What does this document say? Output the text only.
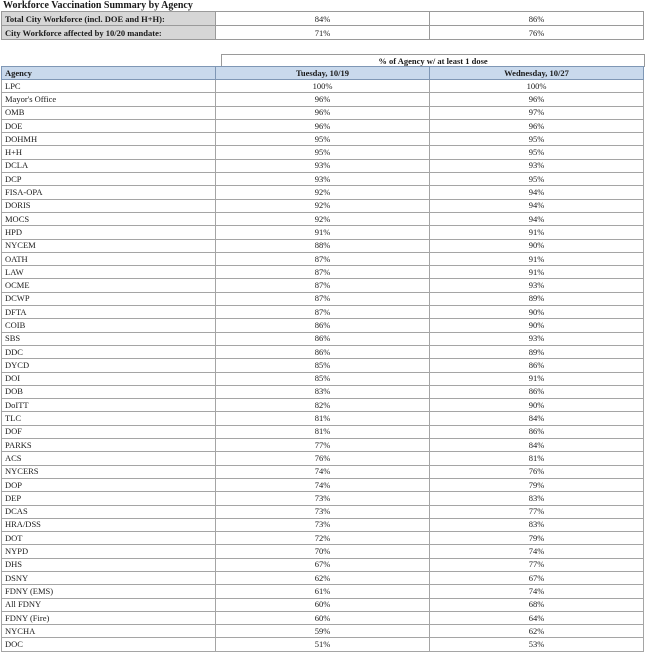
Workforce Vaccination Summary by Agency
Total City Workforce (incl. DOE and H+H):	84%	86%
City Workforce affected by 10/20 mandate:	71%	76%
% of Agency w/ at least 1 dose
Agency	Tuesday, 10/19	Wednesday, 10/27
LPC	100%	100%
Mayor's Office	96%	96%
OMB	96%	97%
DOE	96%	96%
DOHMH	95%	95%
H+H	95%	95%
DCLA	93%	93%
DCP	93%	95%
FISA-OPA	92%	94%
DORIS	92%	94%
MOCS	92%	94%
HPD	91%	91%
NYCEM	88%	90%
OATH	87%	91%
LAW	87%	91%
OCME	87%	93%
DCWP	87%	89%
DFTA	87%	90%
COIB	86%	90%
SBS	86%	93%
DDC	86%	89%
DYCD	85%	86%
DOI	85%	91%
DOB	83%	86%
DoITT	82%	90%
TLC	81%	84%
DOF	81%	86%
PARKS	77%	84%
ACS	76%	81%
NYCERS	74%	76%
DOP	74%	79%
DEP	73%	83%
DCAS	73%	77%
HRA/DSS	73%	83%
DOT	72%	79%
NYPD	70%	74%
DHS	67%	77%
DSNY	62%	67%
FDNY (EMS)	61%	74%
All FDNY	60%	68%
FDNY (Fire)	60%	64%
NYCHA	59%	62%
DOC	51%	53%
